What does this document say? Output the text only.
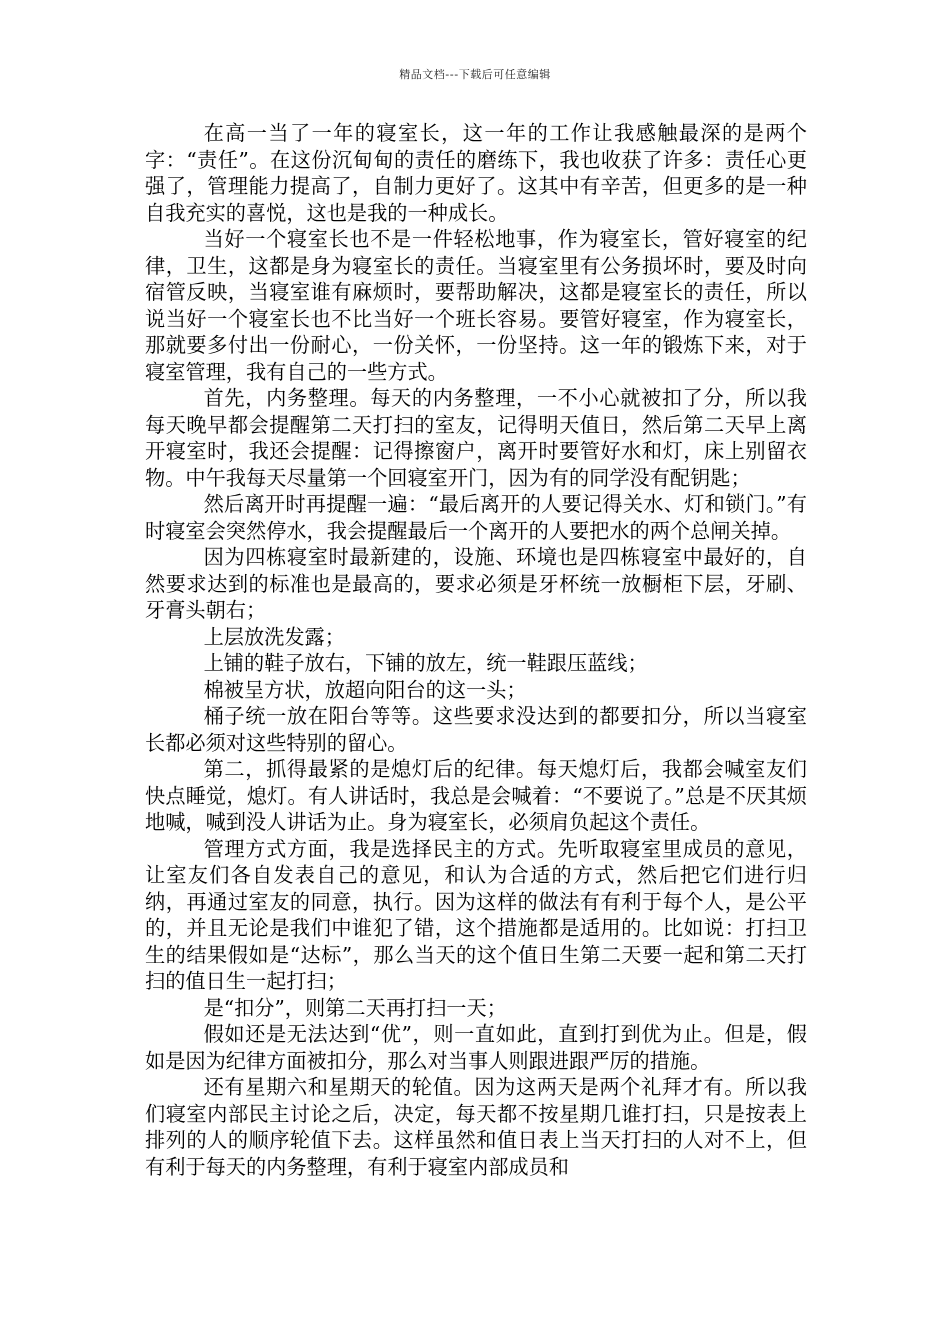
精品文档---下载后可任意编辑

在高一当了一年的寝室长，这一年的工作让我感触最深的是两个字：“责任”。在这份沉甸甸的责任的磨练下，我也收获了许多：责任心更强了，管理能力提高了，自制力更好了。这其中有辛苦，但更多的是一种自我充实的喜悦，这也是我的一种成长。

当好一个寝室长也不是一件轻松地事，作为寝室长，管好寝室的纪律，卫生，这都是身为寝室长的责任。当寝室里有公务损坏时，要及时向宿管反映，当寝室谁有麻烦时，要帮助解决，这都是寝室长的责任，所以说当好一个寝室长也不比当好一个班长容易。要管好寝室，作为寝室长，那就要多付出一份耐心，一份关怀，一份坚持。这一年的锻炼下来，对于寝室管理，我有自己的一些方式。

首先，内务整理。每天的内务整理，一不小心就被扣了分，所以我每天晚早都会提醒第二天打扫的室友，记得明天值日，然后第二天早上离开寝室时，我还会提醒：记得擦窗户，离开时要管好水和灯，床上别留衣物。中午我每天尽量第一个回寝室开门，因为有的同学没有配钥匙；

然后离开时再提醒一遍：“最后离开的人要记得关水、灯和锁门。”有时寝室会突然停水，我会提醒最后一个离开的人要把水的两个总闸关掉。

因为四栋寝室时最新建的，设施、环境也是四栋寝室中最好的，自然要求达到的标准也是最高的，要求必须是牙杯统一放橱柜下层，牙刷、牙膏头朝右；

上层放洗发露；

上铺的鞋子放右，下铺的放左，统一鞋跟压蓝线；

棉被呈方状，放超向阳台的这一头；

桶子统一放在阳台等等。这些要求没达到的都要扣分，所以当寝室长都必须对这些特别的留心。

第二，抓得最紧的是熄灯后的纪律。每天熄灯后，我都会喊室友们快点睡觉，熄灯。有人讲话时，我总是会喊着：“不要说了。”总是不厌其烦地喊，喊到没人讲话为止。身为寝室长，必须肩负起这个责任。

管理方式方面，我是选择民主的方式。先听取寝室里成员的意见，让室友们各自发表自己的意见，和认为合适的方式，然后把它们进行归纳，再通过室友的同意，执行。因为这样的做法有有利于每个人，是公平的，并且无论是我们中谁犯了错，这个措施都是适用的。比如说：打扫卫生的结果假如是“达标”，那么当天的这个值日生第二天要一起和第二天打扫的值日生一起打扫；

是“扣分”，则第二天再打扫一天；

假如还是无法达到“优”，则一直如此，直到打到优为止。但是，假如是因为纪律方面被扣分，那么对当事人则跟进跟严厉的措施。

还有星期六和星期天的轮值。因为这两天是两个礼拜才有。所以我们寝室内部民主讨论之后，决定，每天都不按星期几谁打扫，只是按表上排列的人的顺序轮值下去。这样虽然和值日表上当天打扫的人对不上，但有利于每天的内务整理，有利于寝室内部成员和
